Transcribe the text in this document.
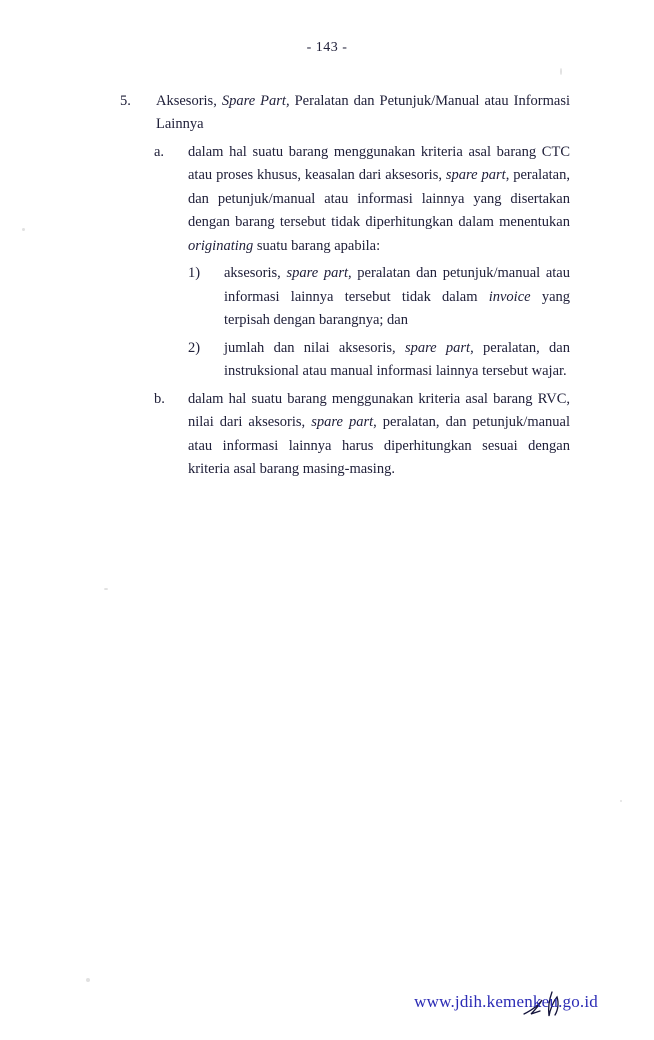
- 143 -
5.	Aksesoris, Spare Part, Peralatan dan Petunjuk/Manual atau Informasi Lainnya
a.	dalam hal suatu barang menggunakan kriteria asal barang CTC atau proses khusus, keasalan dari aksesoris, spare part, peralatan, dan petunjuk/manual atau informasi lainnya yang disertakan dengan barang tersebut tidak diperhitungkan dalam menentukan originating suatu barang apabila:
1)	aksesoris, spare part, peralatan dan petunjuk/manual atau informasi lainnya tersebut tidak dalam invoice yang terpisah dengan barangnya; dan
2)	jumlah dan nilai aksesoris, spare part, peralatan, dan instruksional atau manual informasi lainnya tersebut wajar.
b.	dalam hal suatu barang menggunakan kriteria asal barang RVC, nilai dari aksesoris, spare part, peralatan, dan petunjuk/manual atau informasi lainnya harus diperhitungkan sesuai dengan kriteria asal barang masing-masing.
www.jdih.kemenkeu.go.id
